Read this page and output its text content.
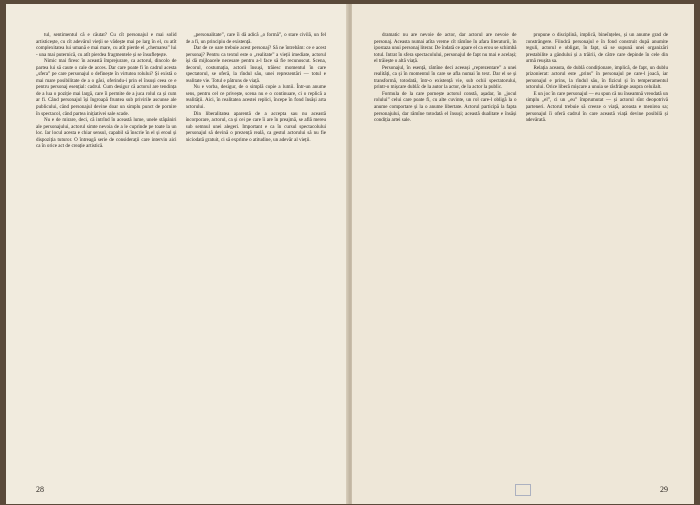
tul, sentimentul că e căutat? Cu cît personajul e mai solid artisticește, cu cît adevărul vieții se vădește mai pe larg în el, cu atît complexitatea lui umană e mai mare, cu atît pierde el „chemarea” lui - una mai puternică, cu atît pierdea fragmentele și se însuflețește.

Nimic mai firesc în această împrejurare, ca actorul, dincolo de partea lui să caute o cale de acces. Dar care poate fi în cadrul acesta „sfera” pe care personajul o definește în virtutea rolului? Și există o mai mare posibilitate de a o găsi, oferindu-i prin el însuși ceea ce e pentru personaj esențial: cadrul. Cum desigur că actorul are tendința de a lua o poziție mai largă, care îi permite de a juca rolul ca și cum ar fi. Când personajul își îngroapă fruntea sub privirile ascunse ale publicului, când personajul devine doar un simplu punct de pornire în spectacol, când partea inițiativei sale scade.

Nu e de mirare, deci, că intrînd în această lume, unele stăpâniri ale personajului, actorul simte nevoia de a le cuprinde pe toate la un loc. Iar locul acesta e chiar sensul, capabil să înscrie în el și eroul și dispoziția tuturor. O întreagă serie de considerații care intervin aici ca în orice act de creație artistică.

„personalitate”, care îi dă adică „o formă”, o stare civilă, un fel de a fi, un principiu de existență.

Dar de ce oare trebuie acest personaj? Să ne întrebăm: ce e acest personaj? Pentru ca textul este o „realitate” a vieții imediate, actorul își dă mijloacele necesare pentru a-l face să fie recunoscut. Scena, decorul, costumația, actorii însuși, trăiesc momentul în care spectatorul, se oferă, la rîndul său, unei reprezentări — totul e realitate vie. Totul e pătruns de viață.

Nu e vorba, desigur, de o simplă copie a lumii. Într-un anume sens, pentru cel ce privește, scena nu e o continuare, ci o replică a realității. Aici, în realitatea acestei replici, începe în fond însăși arta actorului.

Din liberalitatea aparentă de a accepta sau nu această încorporare, actorul, ca și cei pe care îi are în preajmă, se află mereu sub semnul unei alegeri. Important e ca în cursul spectacolului personajul să devină o prezență reală, ca gestul actorului să nu fie niciodată gratuit, ci să exprime o atitudine, un adevăr al vieții.

28

dramatic nu are nevoie de actor, dar actorul are nevoie de personaj. Aceasta numai atîta vreme cît rămîne în afara literaturii, în ipostaza unui personaj literar. De îndată ce apare el ca erou se schimbă totul. Intrat în sfera spectacolului, personajul de fapt nu mai e același; el trăiește o altă viață.

Personajul, în esență, rămîne deci aceeași „reprezentare” a unei realități, ca și în momentul în care se afla numai în text. Dar el se și transformă, totodată, într-o existență vie, sub ochii spectatorului, printr-o mișcare dublă: de la autor la actor, de la actor la public.

Formula de la care pornește actorul constă, așadar, în „jocul rolului” celui care poate fi, cu alte cuvinte, un rol care-l obligă la o anume comportare și la o anume libertate. Actorul participă la fapta personajului, dar rămîne totodată el însuși; această dualitate e însăși condiția artei sale.

propune o disciplină, implică, bineînțeles, și un anume grad de constrângere. Fiindcă personajul e în fond construit după anumite reguli, actorul e obligat, în fapt, să se supună unei organizări prestabilite a gândului și a trăirii, de către care depinde în cele din urmă reușita sa.

Relația aceasta, de dublă condiționare, implică, de fapt, un dublu prizonierat: actorul este „prins” în personajul pe care-l joacă, iar personajul e prins, la rîndul său, în fizicul și în temperamentul actorului. Orice liberă mișcare a unuia se răsfrânge asupra celuilalt.

E un joc în care personajul — eu spun că nu înseamnă vreodată un simplu „el”, ci un „eu” împrumutat — și actorul sînt deopotrivă parteneri. Actorul trebuie să creeze o viață, aceasta e menirea sa; personajul îi oferă cadrul în care această viață devine posibilă și adevărată.

29
